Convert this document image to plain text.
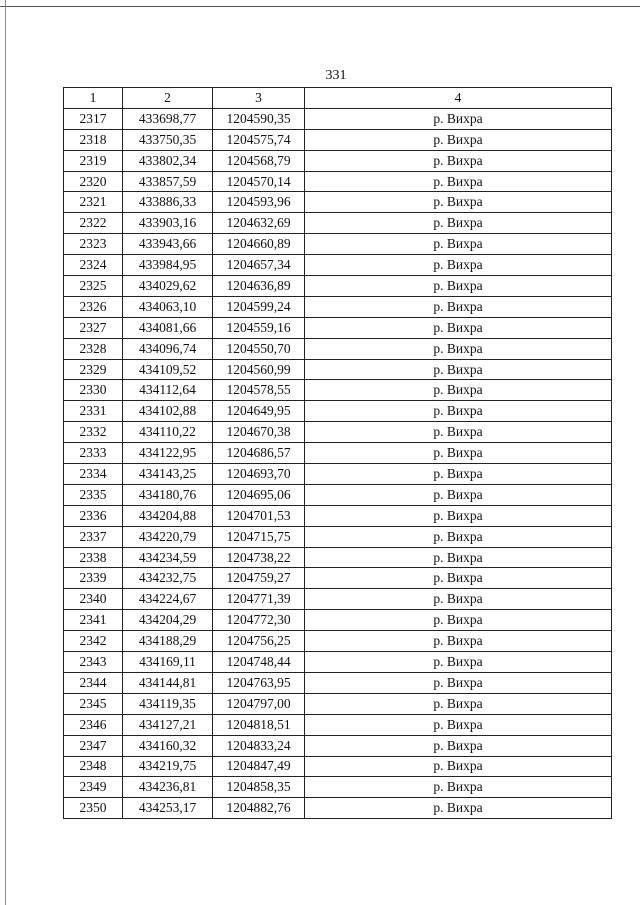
331
1	2	3	4
2317	433698,77	1204590,35	р. Вихра
2318	433750,35	1204575,74	р. Вихра
2319	433802,34	1204568,79	р. Вихра
2320	433857,59	1204570,14	р. Вихра
2321	433886,33	1204593,96	р. Вихра
2322	433903,16	1204632,69	р. Вихра
2323	433943,66	1204660,89	р. Вихра
2324	433984,95	1204657,34	р. Вихра
2325	434029,62	1204636,89	р. Вихра
2326	434063,10	1204599,24	р. Вихра
2327	434081,66	1204559,16	р. Вихра
2328	434096,74	1204550,70	р. Вихра
2329	434109,52	1204560,99	р. Вихра
2330	434112,64	1204578,55	р. Вихра
2331	434102,88	1204649,95	р. Вихра
2332	434110,22	1204670,38	р. Вихра
2333	434122,95	1204686,57	р. Вихра
2334	434143,25	1204693,70	р. Вихра
2335	434180,76	1204695,06	р. Вихра
2336	434204,88	1204701,53	р. Вихра
2337	434220,79	1204715,75	р. Вихра
2338	434234,59	1204738,22	р. Вихра
2339	434232,75	1204759,27	р. Вихра
2340	434224,67	1204771,39	р. Вихра
2341	434204,29	1204772,30	р. Вихра
2342	434188,29	1204756,25	р. Вихра
2343	434169,11	1204748,44	р. Вихра
2344	434144,81	1204763,95	р. Вихра
2345	434119,35	1204797,00	р. Вихра
2346	434127,21	1204818,51	р. Вихра
2347	434160,32	1204833,24	р. Вихра
2348	434219,75	1204847,49	р. Вихра
2349	434236,81	1204858,35	р. Вихра
2350	434253,17	1204882,76	р. Вихра
